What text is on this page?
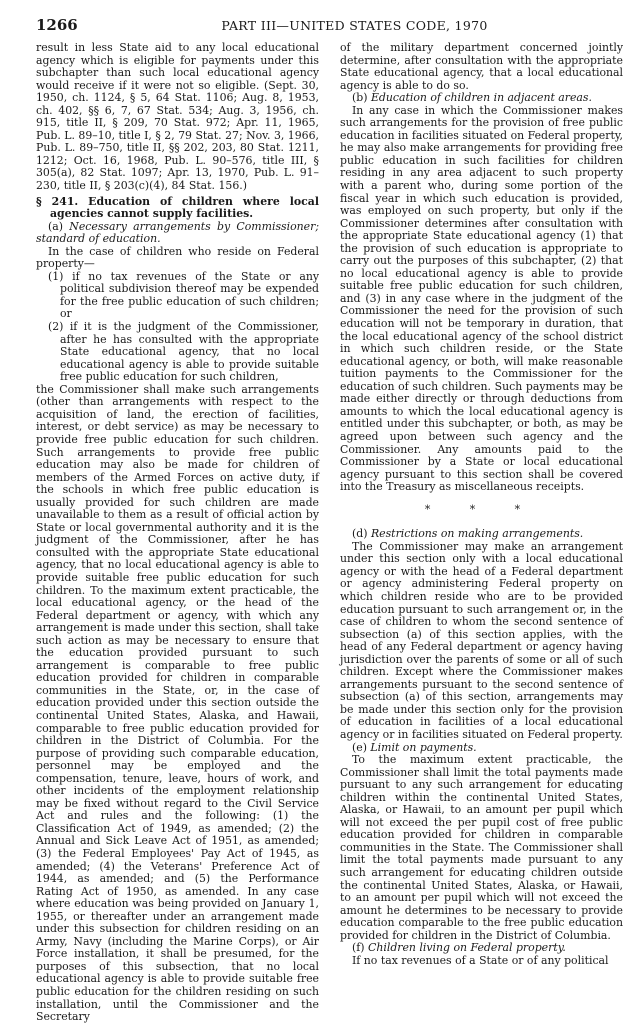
1266	PART III—UNITED STATES CODE, 1970

result in less State aid to any local educational agency which is eligible for payments under this subchapter than such local educational agency would receive if it were not so eligible. (Sept. 30, 1950, ch. 1124, § 5, 64 Stat. 1106; Aug. 8, 1953, ch. 402, §§ 6, 7, 67 Stat. 534; Aug. 3, 1956, ch. 915, title II, § 209, 70 Stat. 972; Apr. 11, 1965, Pub. L. 89–10, title I, § 2, 79 Stat. 27; Nov. 3, 1966, Pub. L. 89–750, title II, §§ 202, 203, 80 Stat. 1211, 1212; Oct. 16, 1968, Pub. L. 90–576, title III, § 305(a), 82 Stat. 1097; Apr. 13, 1970, Pub. L. 91–230, title II, § 203(c)(4), 84 Stat. 156.)

§ 241. Education of children where local agencies cannot supply facilities.

(a) Necessary arrangements by Commissioner; standard of education.

In the case of children who reside on Federal property—

(1) if no tax revenues of the State or any political subdivision thereof may be expended for the free public education of such children; or

(2) if it is the judgment of the Commissioner, after he has consulted with the appropriate State educational agency, that no local educational agency is able to provide suitable free public education for such children,

the Commissioner shall make such arrangements (other than arrangements with respect to the acquisition of land, the erection of facilities, interest, or debt service) as may be necessary to provide free public education for such children. Such arrangements to provide free public education may also be made for children of members of the Armed Forces on active duty, if the schools in which free public education is usually provided for such children are made unavailable to them as a result of official action by State or local governmental authority and it is the judgment of the Commissioner, after he has consulted with the appropriate State educational agency, that no local educational agency is able to provide suitable free public education for such children. To the maximum extent practicable, the local educational agency, or the head of the Federal department or agency, with which any arrangement is made under this section, shall take such action as may be necessary to ensure that the education provided pursuant to such arrangement is comparable to free public education provided for children in comparable communities in the State, or, in the case of education provided under this section outside the continental United States, Alaska, and Hawaii, comparable to free public education provided for children in the District of Columbia. For the purpose of providing such comparable education, personnel may be employed and the compensation, tenure, leave, hours of work, and other incidents of the employment relationship may be fixed without regard to the Civil Service Act and rules and the following: (1) the Classification Act of 1949, as amended; (2) the Annual and Sick Leave Act of 1951, as amended; (3) the Federal Employees' Pay Act of 1945, as amended; (4) the Veterans' Preference Act of 1944, as amended; and (5) the Performance Rating Act of 1950, as amended. In any case where education was being provided on January 1, 1955, or thereafter under an arrangement made under this subsection for children residing on an Army, Navy (including the Marine Corps), or Air Force installation, it shall be presumed, for the purposes of this subsection, that no local educational agency is able to provide suitable free public education for the children residing on such installation, until the Commissioner and the Secretary

of the military department concerned jointly determine, after consultation with the appropriate State educational agency, that a local educational agency is able to do so.

(b) Education of children in adjacent areas.

In any case in which the Commissioner makes such arrangements for the provision of free public education in facilities situated on Federal property, he may also make arrangements for providing free public education in such facilities for children residing in any area adjacent to such property with a parent who, during some portion of the fiscal year in which such education is provided, was employed on such property, but only if the Commissioner determines after consultation with the appropriate State educational agency (1) that the provision of such education is appropriate to carry out the purposes of this subchapter, (2) that no local educational agency is able to provide suitable free public education for such children, and (3) in any case where in the judgment of the Commissioner the need for the provision of such education will not be temporary in duration, that the local educational agency of the school district in which such children reside, or the State educational agency, or both, will make reasonable tuition payments to the Commissioner for the education of such children. Such payments may be made either directly or through deductions from amounts to which the local educational agency is entitled under this subchapter, or both, as may be agreed upon between such agency and the Commissioner. Any amounts paid to the Commissioner by a State or local educational agency pursuant to this section shall be covered into the Treasury as miscellaneous receipts.

* * *

(d) Restrictions on making arrangements.

The Commissioner may make an arrangement under this section only with a local educational agency or with the head of a Federal department or agency administering Federal property on which children reside who are to be provided education pursuant to such arrangement or, in the case of children to whom the second sentence of subsection (a) of this section applies, with the head of any Federal department or agency having jurisdiction over the parents of some or all of such children. Except where the Commissioner makes arrangements pursuant to the second sentence of subsection (a) of this section, arrangements may be made under this section only for the provision of education in facilities of a local educational agency or in facilities situated on Federal property.

(e) Limit on payments.

To the maximum extent practicable, the Commissioner shall limit the total payments made pursuant to any such arrangement for educating children within the continental United States, Alaska, or Hawaii, to an amount per pupil which will not exceed the per pupil cost of free public education provided for children in comparable communities in the State. The Commissioner shall limit the total payments made pursuant to any such arrangement for educating children outside the continental United States, Alaska, or Hawaii, to an amount per pupil which will not exceed the amount he determines to be necessary to provide education comparable to the free public education provided for children in the District of Columbia.

(f) Children living on Federal property.

If no tax revenues of a State or of any political
